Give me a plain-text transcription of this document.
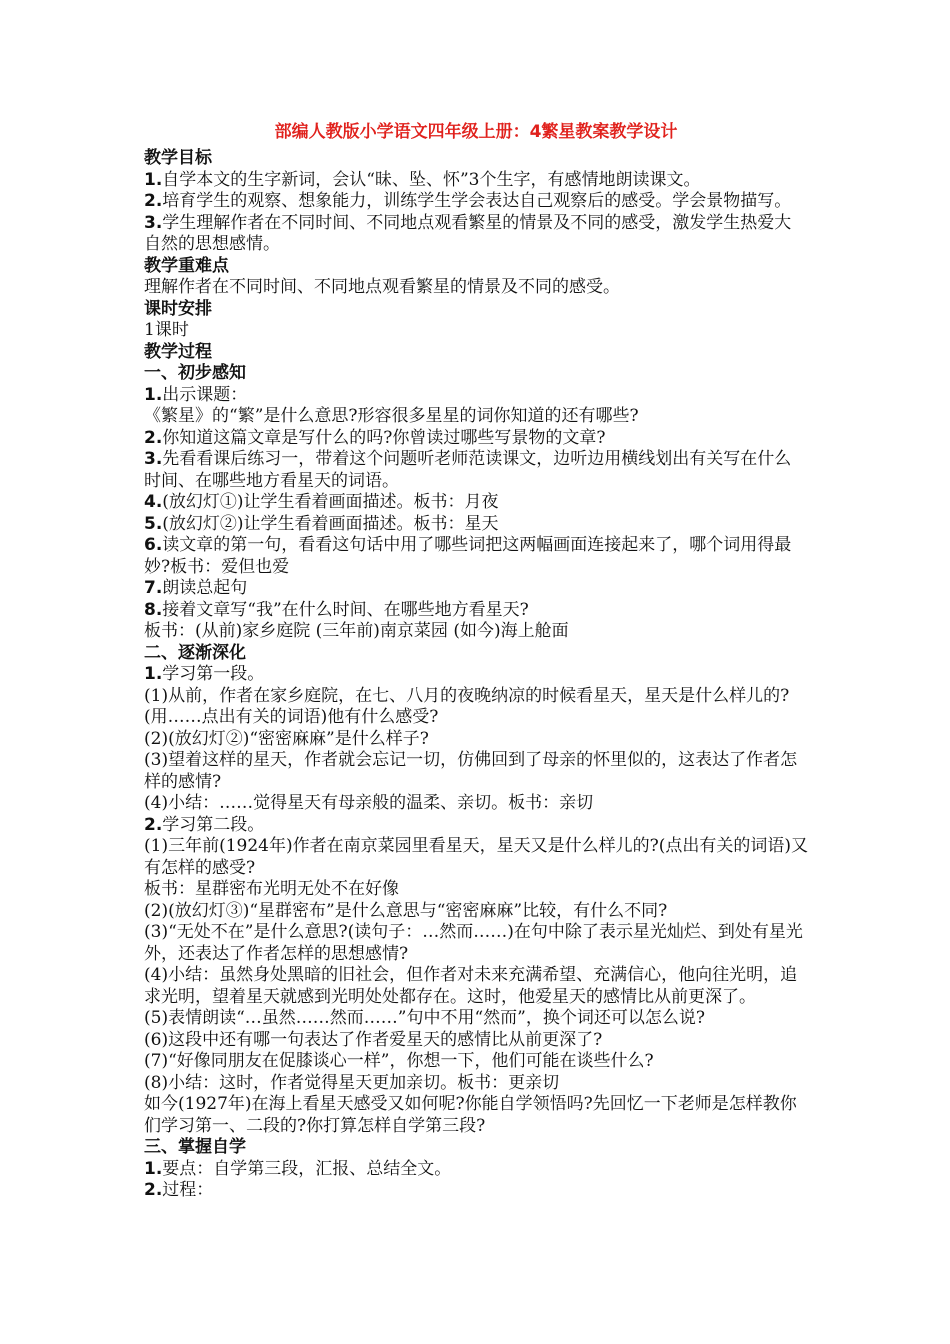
部编人教版小学语文四年级上册：4繁星教案教学设计
教学目标
1.自学本文的生字新词，会认“昧、坠、怀”3个生字，有感情地朗读课文。
2.培育学生的观察、想象能力，训练学生学会表达自己观察后的感受。学会景物描写。
3.学生理解作者在不同时间、不同地点观看繁星的情景及不同的感受，激发学生热爱大自然的思想感情。
教学重难点
理解作者在不同时间、不同地点观看繁星的情景及不同的感受。
课时安排
1课时
教学过程
一、初步感知
1.出示课题：
《繁星》的“繁”是什么意思?形容很多星星的词你知道的还有哪些?
2.你知道这篇文章是写什么的吗?你曾读过哪些写景物的文章?
3.先看看课后练习一，带着这个问题听老师范读课文，边听边用横线划出有关写在什么时间、在哪些地方看星天的词语。
4.(放幻灯①)让学生看着画面描述。板书：月夜
5.(放幻灯②)让学生看着画面描述。板书：星天
6.读文章的第一句，看看这句话中用了哪些词把这两幅画面连接起来了，哪个词用得最妙?板书：爱但也爱
7.朗读总起句
8.接着文章写“我”在什么时间、在哪些地方看星天?
板书：(从前)家乡庭院 (三年前)南京菜园 (如今)海上舱面
二、逐渐深化
1.学习第一段。
(1)从前，作者在家乡庭院，在七、八月的夜晚纳凉的时候看星天，星天是什么样儿的?
(用……点出有关的词语)他有什么感受?
(2)(放幻灯②)“密密麻麻”是什么样子?
(3)望着这样的星天，作者就会忘记一切，仿佛回到了母亲的怀里似的，这表达了作者怎样的感情?
(4)小结：……觉得星天有母亲般的温柔、亲切。板书：亲切
2.学习第二段。
(1)三年前(1924年)作者在南京菜园里看星天，星天又是什么样儿的?(点出有关的词语)又有怎样的感受?
板书：星群密布光明无处不在好像
(2)(放幻灯③)“星群密布”是什么意思与“密密麻麻”比较，有什么不同?
(3)“无处不在”是什么意思?(读句子：…然而……)在句中除了表示星光灿烂、到处有星光外，还表达了作者怎样的思想感情?
(4)小结：虽然身处黑暗的旧社会，但作者对未来充满希望、充满信心，他向往光明，追求光明，望着星天就感到光明处处都存在。这时，他爱星天的感情比从前更深了。
(5)表情朗读“…虽然……然而……”句中不用“然而”，换个词还可以怎么说?
(6)这段中还有哪一句表达了作者爱星天的感情比从前更深了?
(7)“好像同朋友在促膝谈心一样”，你想一下，他们可能在谈些什么?
(8)小结：这时，作者觉得星天更加亲切。板书：更亲切
如今(1927年)在海上看星天感受又如何呢?你能自学领悟吗?先回忆一下老师是怎样教你们学习第一、二段的?你打算怎样自学第三段?
三、掌握自学
1.要点：自学第三段，汇报、总结全文。
2.过程：
